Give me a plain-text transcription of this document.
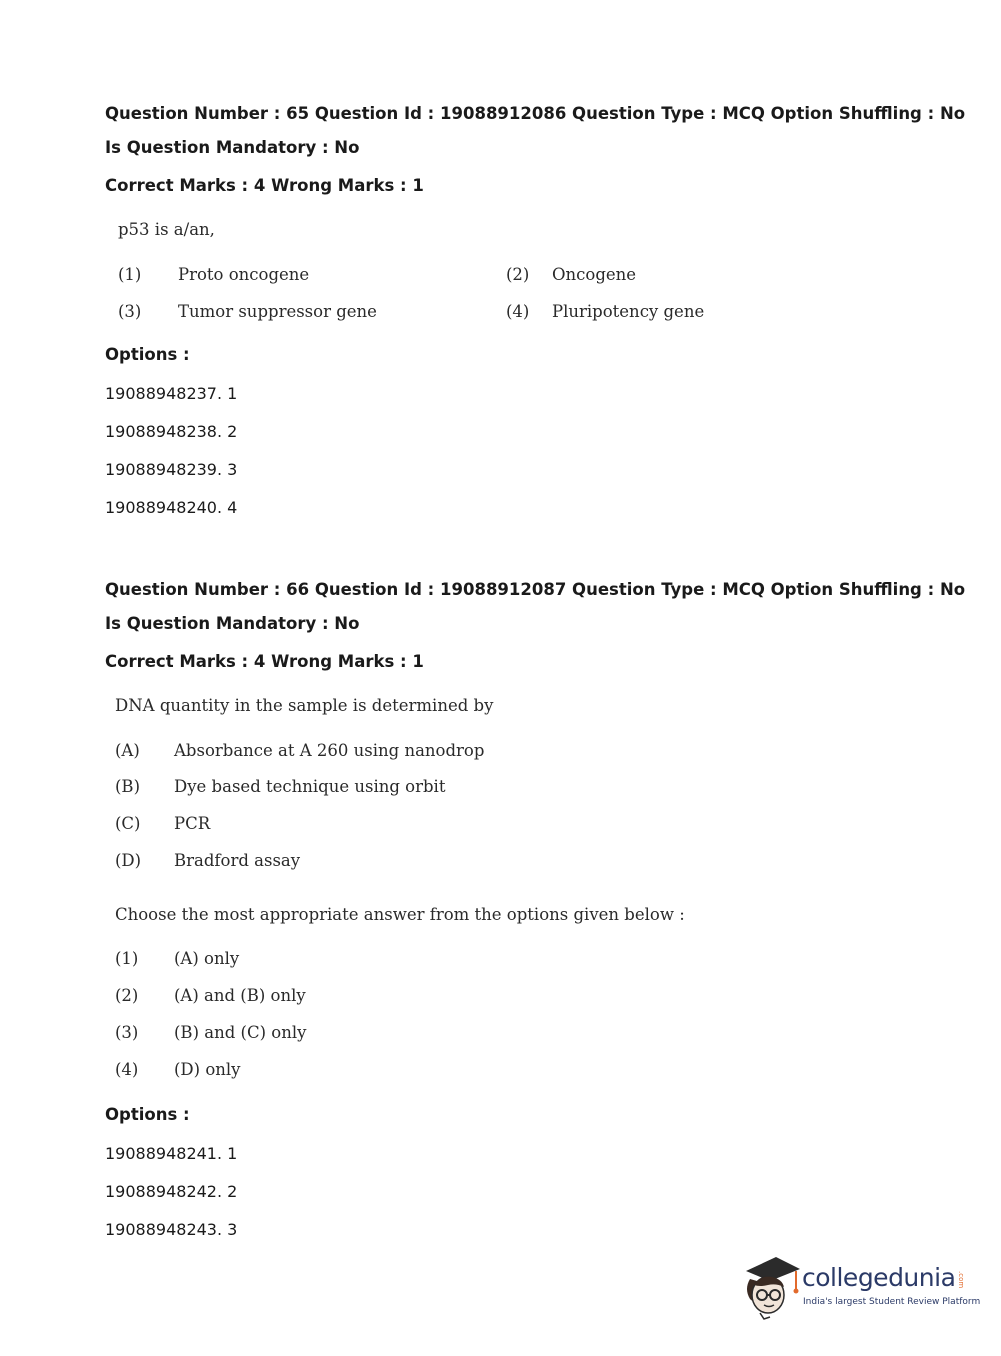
Question Number : 65 Question Id : 19088912086 Question Type : MCQ Option Shuffling : No
Is Question Mandatory : No
Correct Marks : 4 Wrong Marks : 1
p53 is a/an,
(1) Proto oncogene	(2) Oncogene
(3) Tumor suppressor gene	(4) Pluripotency gene
Options :
19088948237. 1
19088948238. 2
19088948239. 3
19088948240. 4
Question Number : 66 Question Id : 19088912087 Question Type : MCQ Option Shuffling : No
Is Question Mandatory : No
Correct Marks : 4 Wrong Marks : 1
DNA quantity in the sample is determined by
(A) Absorbance at A 260 using nanodrop
(B) Dye based technique using orbit
(C) PCR
(D) Bradford assay
Choose the most appropriate answer from the options given below :
(1) (A) only
(2) (A) and (B) only
(3) (B) and (C) only
(4) (D) only
Options :
19088948241. 1
19088948242. 2
19088948243. 3
collegedunia .com
India's largest Student Review Platform
